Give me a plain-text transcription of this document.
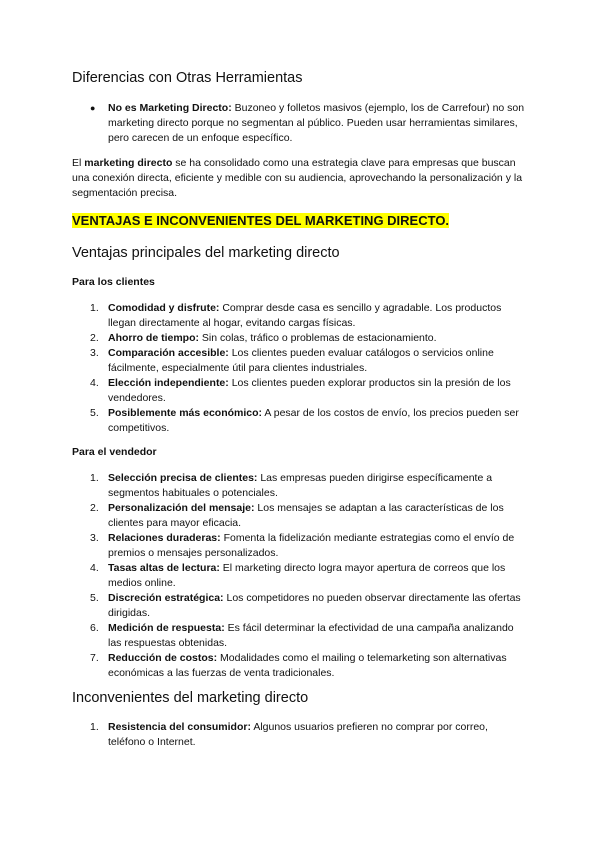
Diferencias con Otras Herramientas
● No es Marketing Directo: Buzoneo y folletos masivos (ejemplo, los de Carrefour) no son marketing directo porque no segmentan al público. Pueden usar herramientas similares, pero carecen de un enfoque específico.

El marketing directo se ha consolidado como una estrategia clave para empresas que buscan una conexión directa, eficiente y medible con su audiencia, aprovechando la personalización y la segmentación precisa.

VENTAJAS E INCONVENIENTES DEL MARKETING DIRECTO.

Ventajas principales del marketing directo

Para los clientes

1. Comodidad y disfrute: Comprar desde casa es sencillo y agradable. Los productos llegan directamente al hogar, evitando cargas físicas.
2. Ahorro de tiempo: Sin colas, tráfico o problemas de estacionamiento.
3. Comparación accesible: Los clientes pueden evaluar catálogos o servicios online fácilmente, especialmente útil para clientes industriales.
4. Elección independiente: Los clientes pueden explorar productos sin la presión de los vendedores.
5. Posiblemente más económico: A pesar de los costos de envío, los precios pueden ser competitivos.

Para el vendedor

1. Selección precisa de clientes: Las empresas pueden dirigirse específicamente a segmentos habituales o potenciales.
2. Personalización del mensaje: Los mensajes se adaptan a las características de los clientes para mayor eficacia.
3. Relaciones duraderas: Fomenta la fidelización mediante estrategias como el envío de premios o mensajes personalizados.
4. Tasas altas de lectura: El marketing directo logra mayor apertura de correos que los medios online.
5. Discreción estratégica: Los competidores no pueden observar directamente las ofertas dirigidas.
6. Medición de respuesta: Es fácil determinar la efectividad de una campaña analizando las respuestas obtenidas.
7. Reducción de costos: Modalidades como el mailing o telemarketing son alternativas económicas a las fuerzas de venta tradicionales.
Inconvenientes del marketing directo
1. Resistencia del consumidor: Algunos usuarios prefieren no comprar por correo, teléfono o Internet.
